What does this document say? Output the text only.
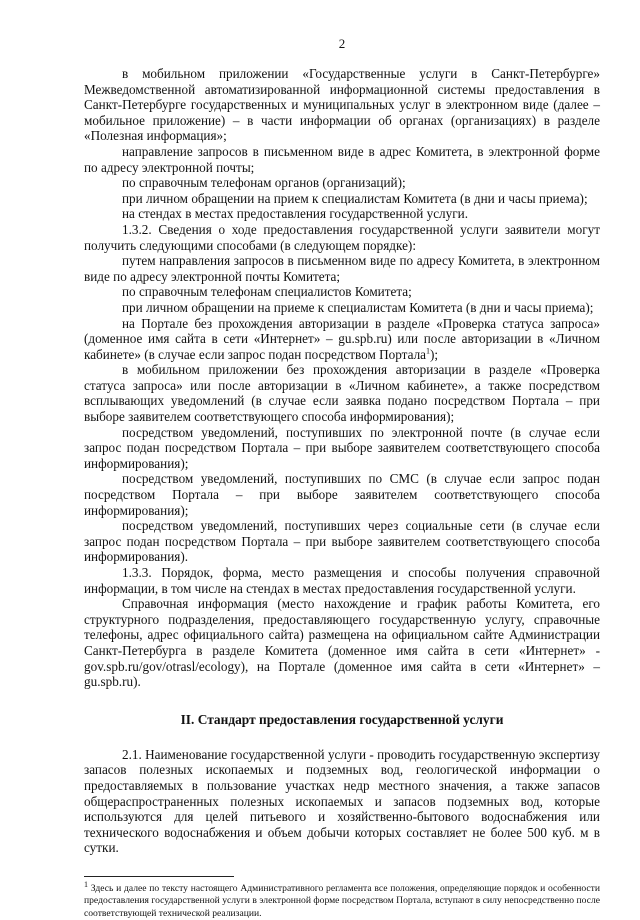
2

в мобильном приложении «Государственные услуги в Санкт-Петербурге» Межведомственной автоматизированной информационной системы предоставления в Санкт-Петербурге государственных и муниципальных услуг в электронном виде (далее – мобильное приложение) – в части информации об органах (организациях) в разделе «Полезная информация»;

направление запросов в письменном виде в адрес Комитета, в электронной форме по адресу электронной почты;

по справочным телефонам органов (организаций);

при личном обращении на прием к специалистам Комитета (в дни и часы приема);

на стендах в местах предоставления государственной услуги.

1.3.2. Сведения о ходе предоставления государственной услуги заявители могут получить следующими способами (в следующем порядке):

путем направления запросов в письменном виде по адресу Комитета, в электронном виде по адресу электронной почты Комитета;

по справочным телефонам специалистов Комитета;

при личном обращении на приеме к специалистам Комитета (в дни и часы приема);

на Портале без прохождения авторизации в разделе «Проверка статуса запроса» (доменное имя сайта в сети «Интернет» – gu.spb.ru) или после авторизации в «Личном кабинете» (в случае если запрос подан посредством Портала$^1$);

в мобильном приложении без прохождения авторизации в разделе «Проверка статуса запроса» или после авторизации в «Личном кабинете», а также посредством всплывающих уведомлений (в случае если заявка подано посредством Портала – при выборе заявителем соответствующего способа информирования);

посредством уведомлений, поступивших по электронной почте (в случае если запрос подан посредством Портала – при выборе заявителем соответствующего способа информирования);

посредством уведомлений, поступивших по СМС (в случае если запрос подан посредством Портала – при выборе заявителем соответствующего способа информирования);

посредством уведомлений, поступивших через социальные сети (в случае если запрос подан посредством Портала – при выборе заявителем соответствующего способа информирования).

1.3.3. Порядок, форма, место размещения и способы получения справочной информации, в том числе на стендах в местах предоставления государственной услуги.

Справочная информация (место нахождение и график работы Комитета, его структурного подразделения, предоставляющего государственную услугу, справочные телефоны, адрес официального сайта) размещена на официальном сайте Администрации Санкт-Петербурга в разделе Комитета (доменное имя сайта в сети «Интернет» - gov.spb.ru/gov/otrasl/ecology), на Портале (доменное имя сайта в сети «Интернет» – gu.spb.ru).

II. Стандарт предоставления государственной услуги

2.1. Наименование государственной услуги - проводить государственную экспертизу запасов полезных ископаемых и подземных вод, геологической информации о предоставляемых в пользование участках недр местного значения, а также запасов общераспространенных полезных ископаемых и запасов подземных вод, которые используются для целей питьевого и хозяйственно-бытового водоснабжения или технического водоснабжения и объем добычи которых составляет не более 500 куб. м в сутки.

$^1$ Здесь и далее по тексту настоящего Административного регламента все положения, определяющие порядок и особенности предоставления государственной услуги в электронной форме посредством Портала, вступают в силу непосредственно после соответствующей технической реализации.
